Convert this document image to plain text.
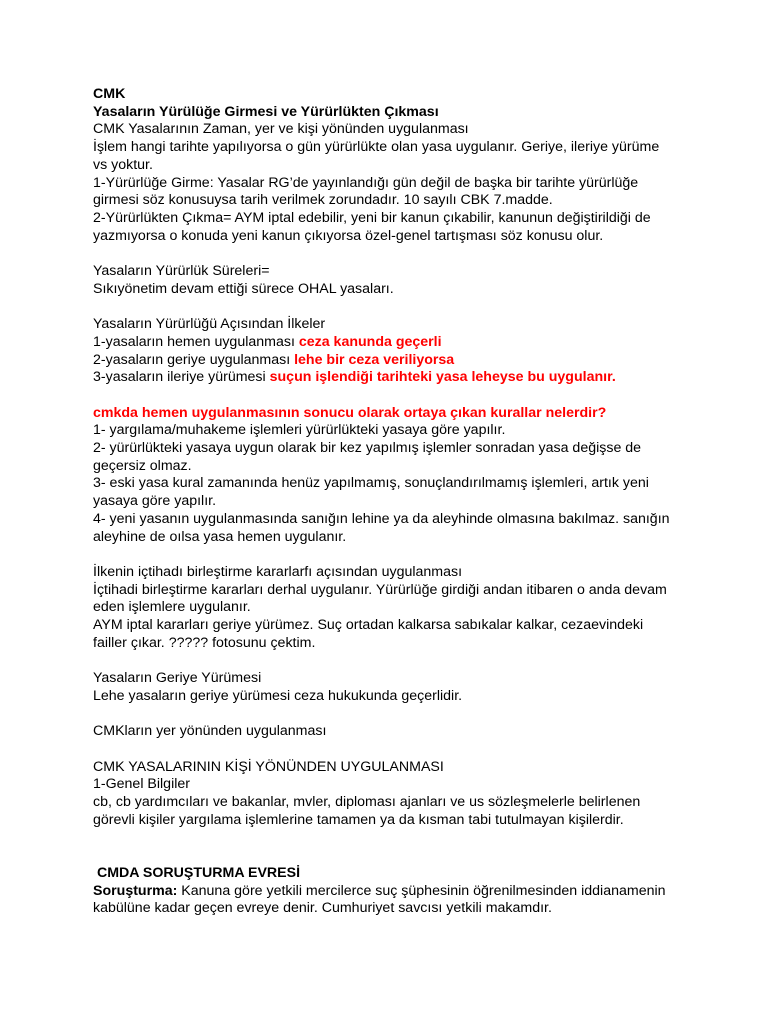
CMK
Yasaların Yürülüğe Girmesi ve Yürürlükten Çıkması
CMK Yasalarının Zaman, yer ve kişi yönünden uygulanması
İşlem hangi tarihte yapılıyorsa o gün yürürlükte olan yasa uygulanır. Geriye, ileriye yürüme
vs yoktur.
1-Yürürlüğe Girme: Yasalar RG’de yayınlandığı gün değil de başka bir tarihte yürürlüğe
girmesi söz konusuysa tarih verilmek zorundadır. 10 sayılı CBK 7.madde.
2-Yürürlükten Çıkma= AYM iptal edebilir, yeni bir kanun çıkabilir, kanunun değiştirildiği de
yazmıyorsa o konuda yeni kanun çıkıyorsa özel-genel tartışması söz konusu olur.
Yasaların Yürürlük Süreleri=
Sıkıyönetim devam ettiği sürece OHAL yasaları.
Yasaların Yürürlüğü Açısından İlkeler
1-yasaların hemen uygulanması ceza kanunda geçerli
2-yasaların geriye uygulanması lehe bir ceza veriliyorsa
3-yasaların ileriye yürümesi suçun işlendiği tarihteki yasa leheyse bu uygulanır.
cmkda hemen uygulanmasının sonucu olarak ortaya çıkan kurallar nelerdir?
1- yargılama/muhakeme işlemleri yürürlükteki yasaya göre yapılır.
2- yürürlükteki yasaya uygun olarak bir kez yapılmış işlemler sonradan yasa değişse de
geçersiz olmaz.
3- eski yasa kural zamanında henüz yapılmamış, sonuçlandırılmamış işlemleri, artık yeni
yasaya göre yapılır.
4- yeni yasanın uygulanmasında sanığın lehine ya da aleyhinde olmasına bakılmaz. sanığın
aleyhine de oılsa yasa hemen uygulanır.
İlkenin içtihadı birleştirme kararlarfı açısından uygulanması
İçtihadi birleştirme kararları derhal uygulanır. Yürürlüğe girdiği andan itibaren o anda devam
eden işlemlere uygulanır.
AYM iptal kararları geriye yürümez. Suç ortadan kalkarsa sabıkalar kalkar, cezaevindeki
failler çıkar. ????? fotosunu çektim.
Yasaların Geriye Yürümesi
Lehe yasaların geriye yürümesi ceza hukukunda geçerlidir.
CMKların yer yönünden uygulanması
CMK YASALARININ KİŞİ YÖNÜNDEN UYGULANMASI
1-Genel Bilgiler
cb, cb yardımcıları ve bakanlar, mvler, diploması ajanları ve us sözleşmelerle belirlenen
görevli kişiler yargılama işlemlerine tamamen ya da kısman tabi tutulmayan kişilerdir.
CMDA SORUŞTURMA EVRESİ
Soruşturma: Kanuna göre yetkili mercilerce suç şüphesinin öğrenilmesinden iddianamenin
kabülüne kadar geçen evreye denir. Cumhuriyet savcısı yetkili makamdır.
